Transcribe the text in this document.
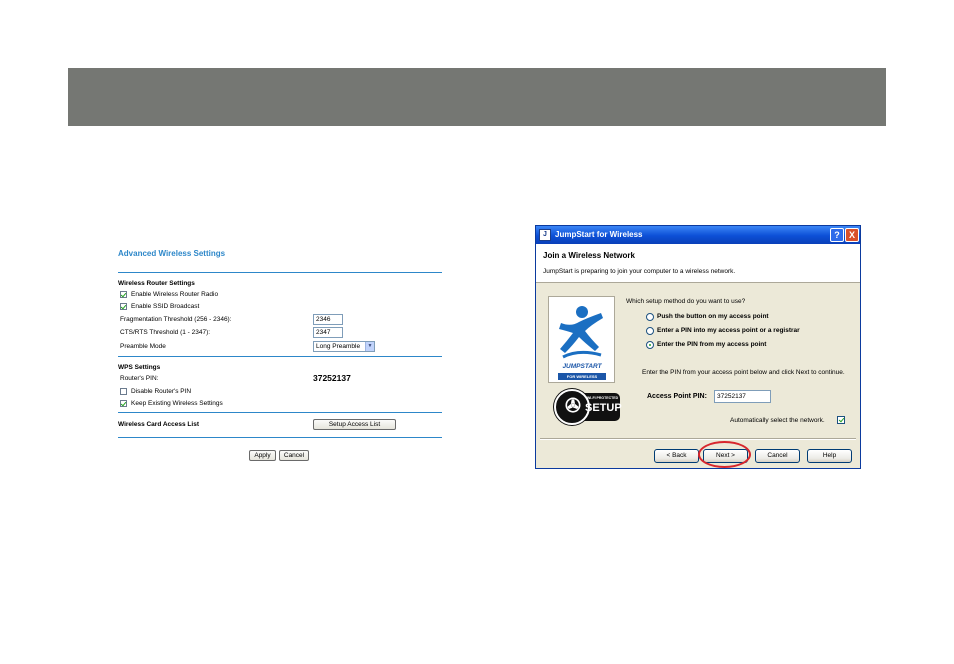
Advanced Wireless Settings
Wireless Router Settings
Enable Wireless Router Radio
Enable SSID Broadcast
Fragmentation Threshold (256 - 2346):	2346
CTS/RTS Threshold (1 - 2347):	2347
Preamble Mode	Long Preamble	▼
WPS Settings
Router's PIN:	37252137
Disable Router's PIN
Keep Existing Wireless Settings
Wireless Card Access List	Setup Access List
Apply	Cancel
J	JumpStart for Wireless	?	X
Join a Wireless Network
JumpStart is preparing to join your computer to a wireless network.
JUMPSTART
FOR WIRELESS
✇ WI-FI PROTECTED
SETUP
Which setup method do you want to use?
Push the button on my access point
Enter a PIN into my access point or a registrar
Enter the PIN from my access point
Enter the PIN from your access point below and click Next to continue.
Access Point PIN:	37252137
Automatically select the network.
< Back	Next >	Cancel	Help
